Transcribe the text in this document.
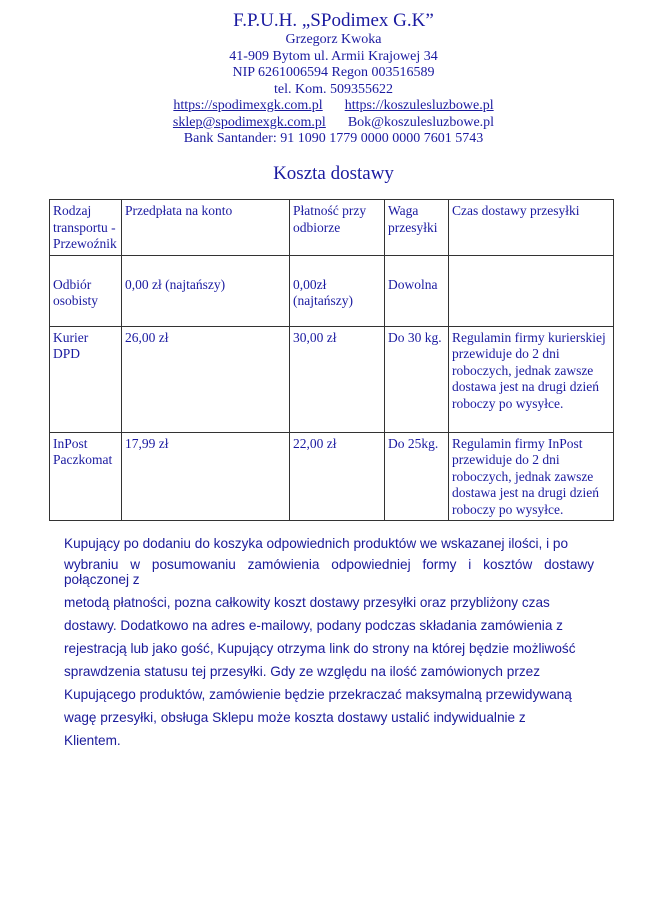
F.P.U.H. „SPodimex G.K”

Grzegorz Kwoka

41-909 Bytom ul. Armii Krajowej 34

NIP 6261006594 Regon 003516589

tel. Kom. 509355622

https://spodimexgk.com.pl https://koszulesluzbowe.pl

sklep@spodimexgk.com.pl Bok@koszulesluzbowe.pl

Bank Santander: 91 1090 1779 0000 0000 7601 5743

Koszta dostawy
Rodzaj transportu - Przewoźnik	Przedpłata na konto	Płatność przy odbiorze	Waga przesyłki	Czas dostawy przesyłki
Odbiór osobisty	0,00 zł (najtańszy)	0,00zł (najtańszy)	Dowolna	
Kurier DPD	26,00 zł	30,00 zł	Do 30 kg.	Regulamin firmy kurierskiej przewiduje do 2 dni roboczych, jednak zawsze dostawa jest na drugi dzień roboczy po wysyłce.
InPost Paczkomat	17,99 zł	22,00 zł	Do 25kg.	Regulamin firmy InPost przewiduje do 2 dni roboczych, jednak zawsze dostawa jest na drugi dzień roboczy po wysyłce.
Kupujący po dodaniu do koszyka odpowiednich produktów we wskazanej ilości, i po
wybraniu w posumowaniu zamówienia odpowiedniej formy i kosztów dostawy
połączonej z
metodą płatności, pozna całkowity koszt dostawy przesyłki oraz przybliżony czas
dostawy. Dodatkowo na adres e-mailowy, podany podczas składania zamówienia z
rejestracją lub jako gość, Kupujący otrzyma link do strony na której będzie możliwość
sprawdzenia statusu tej przesyłki. Gdy ze względu na ilość zamówionych przez
Kupującego produktów, zamówienie będzie przekraczać maksymalną przewidywaną
wagę przesyłki, obsługa Sklepu może koszta dostawy ustalić indywidualnie z
Klientem.
